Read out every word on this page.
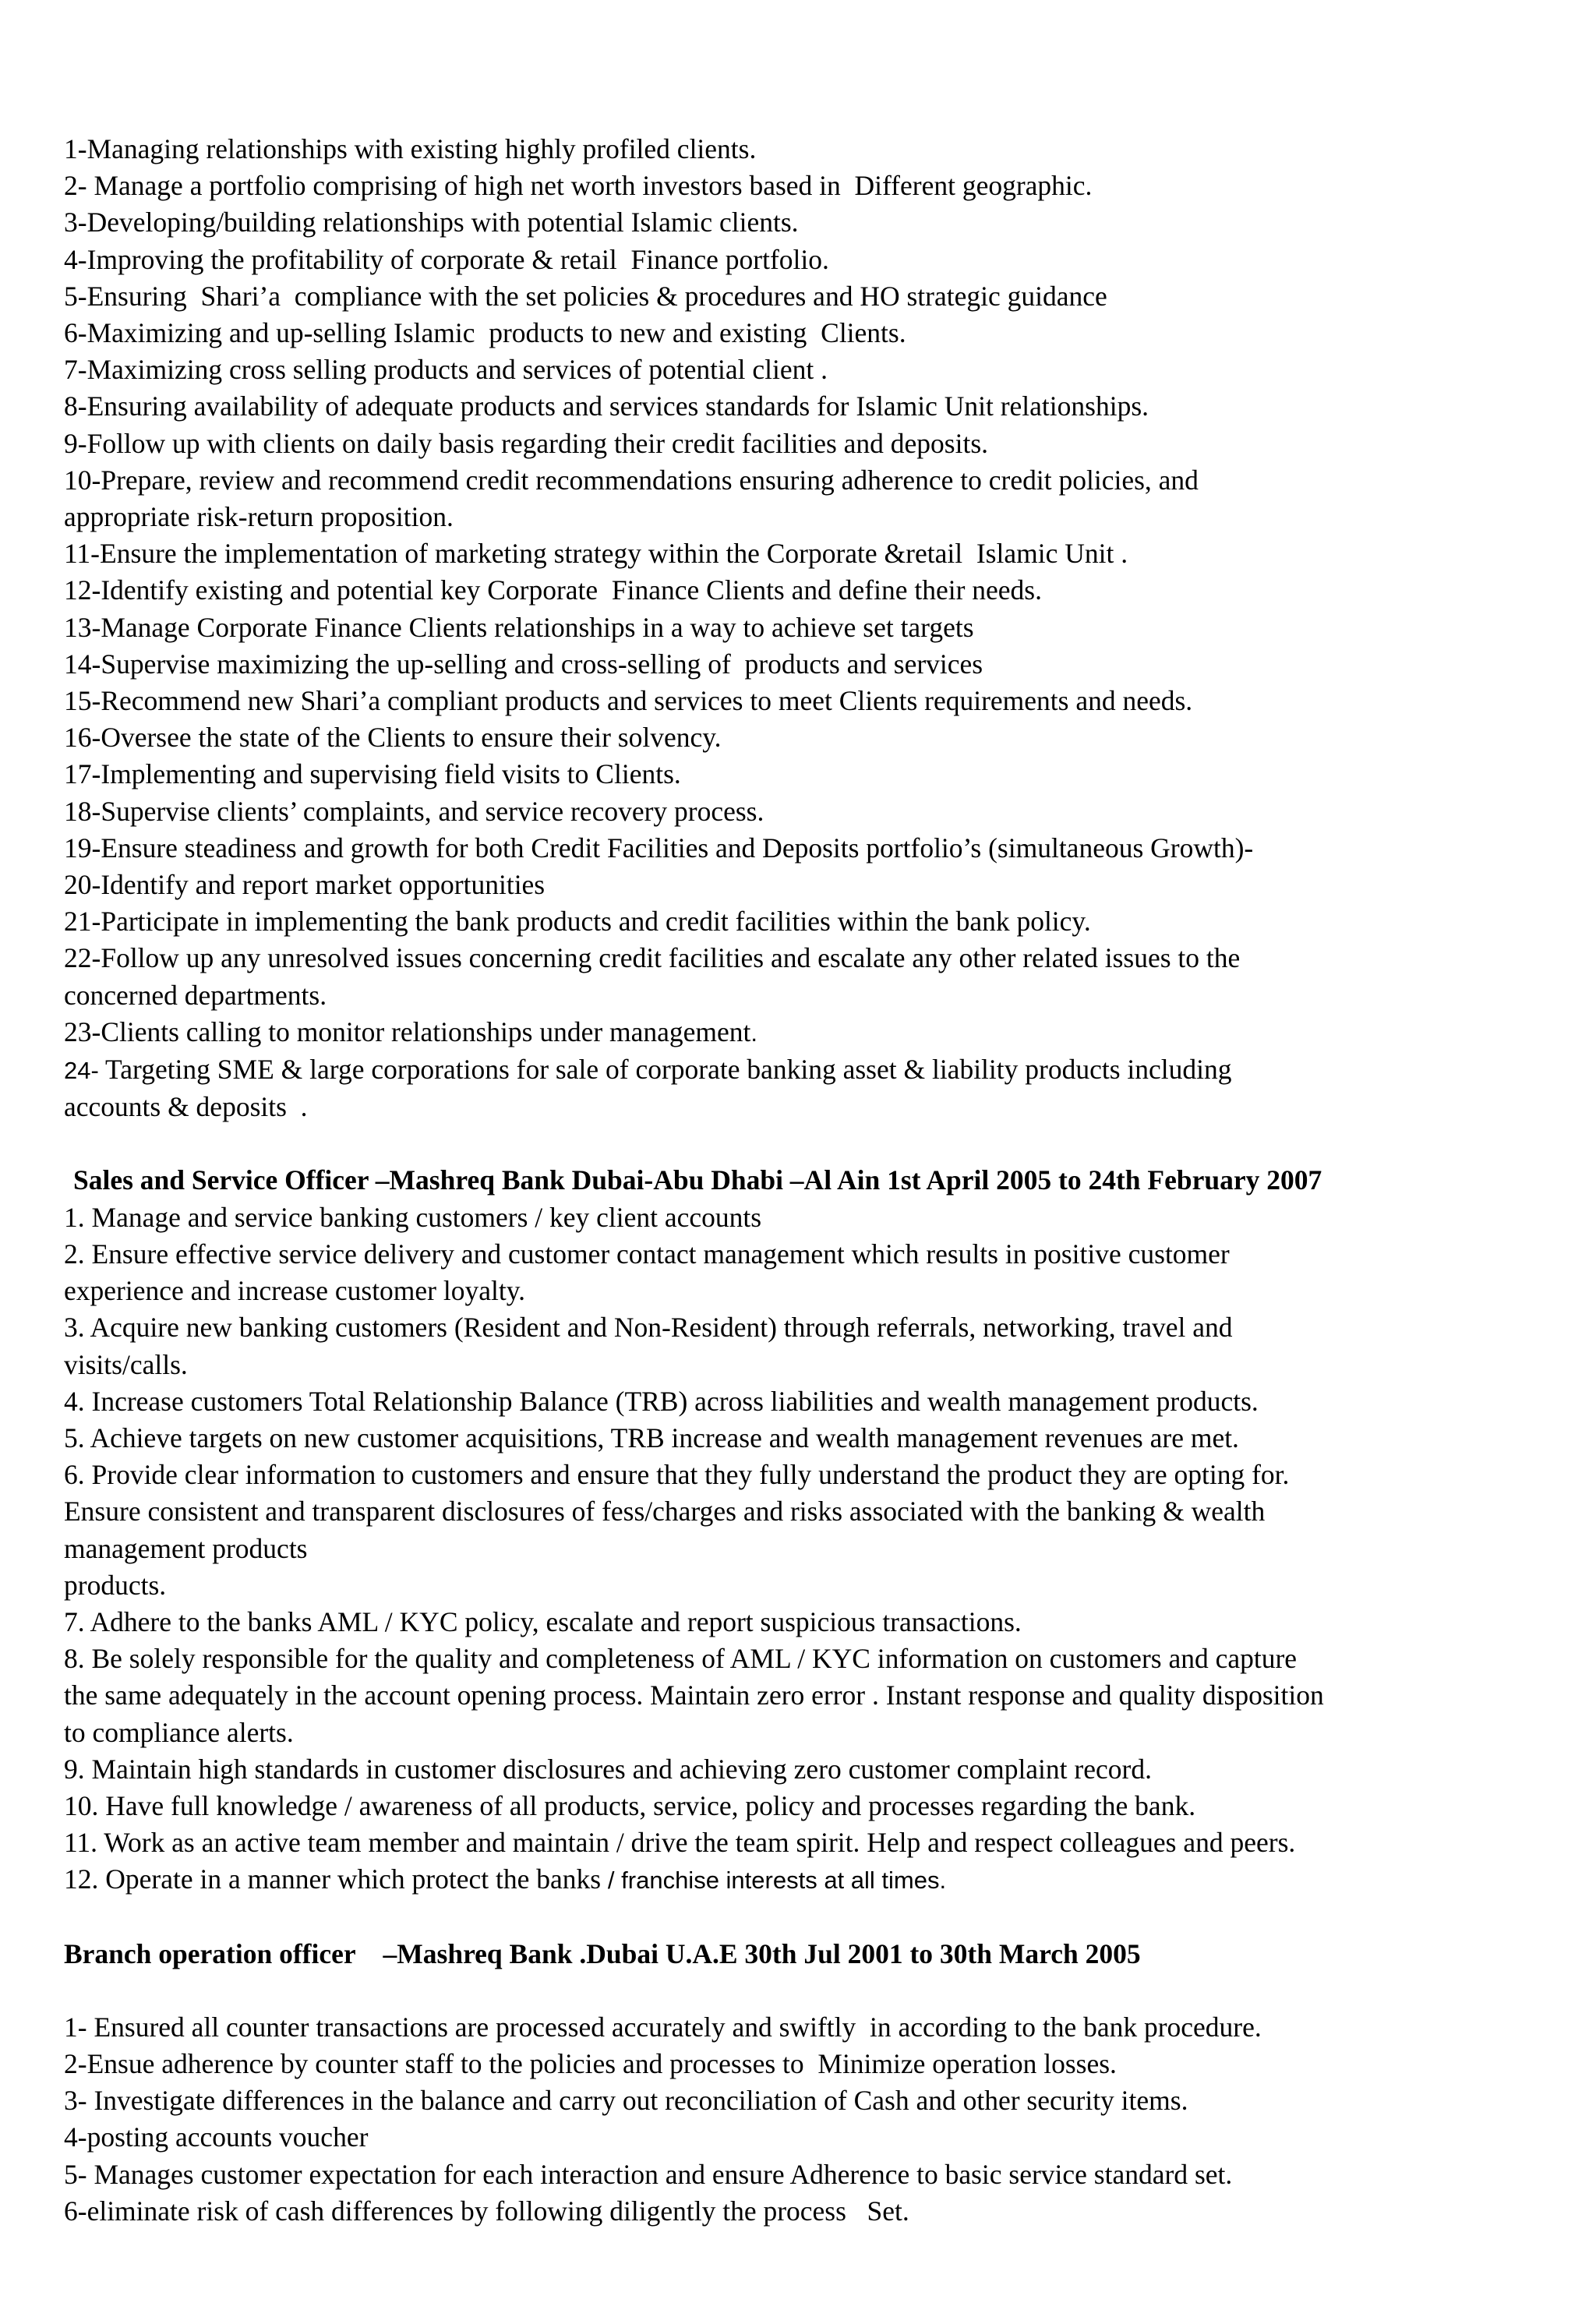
1-Managing relationships with existing highly profiled clients.

2- Manage a portfolio comprising of high net worth investors based in  Different geographic.

3-Developing/building relationships with potential Islamic clients.

4-Improving the profitability of corporate & retail  Finance portfolio.

5-Ensuring  Shari’a  compliance with the set policies & procedures and HO strategic guidance

6-Maximizing and up-selling Islamic  products to new and existing  Clients.

7-Maximizing cross selling products and services of potential client .

8-Ensuring availability of adequate products and services standards for Islamic Unit relationships.

9-Follow up with clients on daily basis regarding their credit facilities and deposits.

10-Prepare, review and recommend credit recommendations ensuring adherence to credit policies, and

appropriate risk-return proposition.

11-Ensure the implementation of marketing strategy within the Corporate &retail  Islamic Unit .

12-Identify existing and potential key Corporate  Finance Clients and define their needs.

13-Manage Corporate Finance Clients relationships in a way to achieve set targets

14-Supervise maximizing the up-selling and cross-selling of  products and services

15-Recommend new Shari’a compliant products and services to meet Clients requirements and needs.

16-Oversee the state of the Clients to ensure their solvency.

17-Implementing and supervising field visits to Clients.

18-Supervise clients’ complaints, and service recovery process.

19-Ensure steadiness and growth for both Credit Facilities and Deposits portfolio’s (simultaneous Growth)-

20-Identify and report market opportunities

21-Participate in implementing the bank products and credit facilities within the bank policy.

22-Follow up any unresolved issues concerning credit facilities and escalate any other related issues to the

concerned departments.

23-Clients calling to monitor relationships under management.

24- Targeting SME & large corporations for sale of corporate banking asset & liability products including

accounts & deposits  .

Sales and Service Officer –Mashreq Bank Dubai-Abu Dhabi –Al Ain 1st April 2005 to 24th February 2007

1. Manage and service banking customers / key client accounts

2. Ensure effective service delivery and customer contact management which results in positive customer

experience and increase customer loyalty.

3. Acquire new banking customers (Resident and Non-Resident) through referrals, networking, travel and

visits/calls.

4. Increase customers Total Relationship Balance (TRB) across liabilities and wealth management products.

5. Achieve targets on new customer acquisitions, TRB increase and wealth management revenues are met.

6. Provide clear information to customers and ensure that they fully understand the product they are opting for.

Ensure consistent and transparent disclosures of fess/charges and risks associated with the banking & wealth

management products

products.

7. Adhere to the banks AML / KYC policy, escalate and report suspicious transactions.

8. Be solely responsible for the quality and completeness of AML / KYC information on customers and capture

the same adequately in the account opening process. Maintain zero error . Instant response and quality disposition

to compliance alerts.

9. Maintain high standards in customer disclosures and achieving zero customer complaint record.

10. Have full knowledge / awareness of all products, service, policy and processes regarding the bank.

11. Work as an active team member and maintain / drive the team spirit. Help and respect colleagues and peers.

12. Operate in a manner which protect the banks / franchise interests at all times.

Branch operation officer    –Mashreq Bank .Dubai U.A.E 30th Jul 2001 to 30th March 2005

1- Ensured all counter transactions are processed accurately and swiftly  in according to the bank procedure.

2-Ensue adherence by counter staff to the policies and processes to  Minimize operation losses.

3- Investigate differences in the balance and carry out reconciliation of Cash and other security items.

4-posting accounts voucher

5- Manages customer expectation for each interaction and ensure Adherence to basic service standard set.

6-eliminate risk of cash differences by following diligently the process   Set.
